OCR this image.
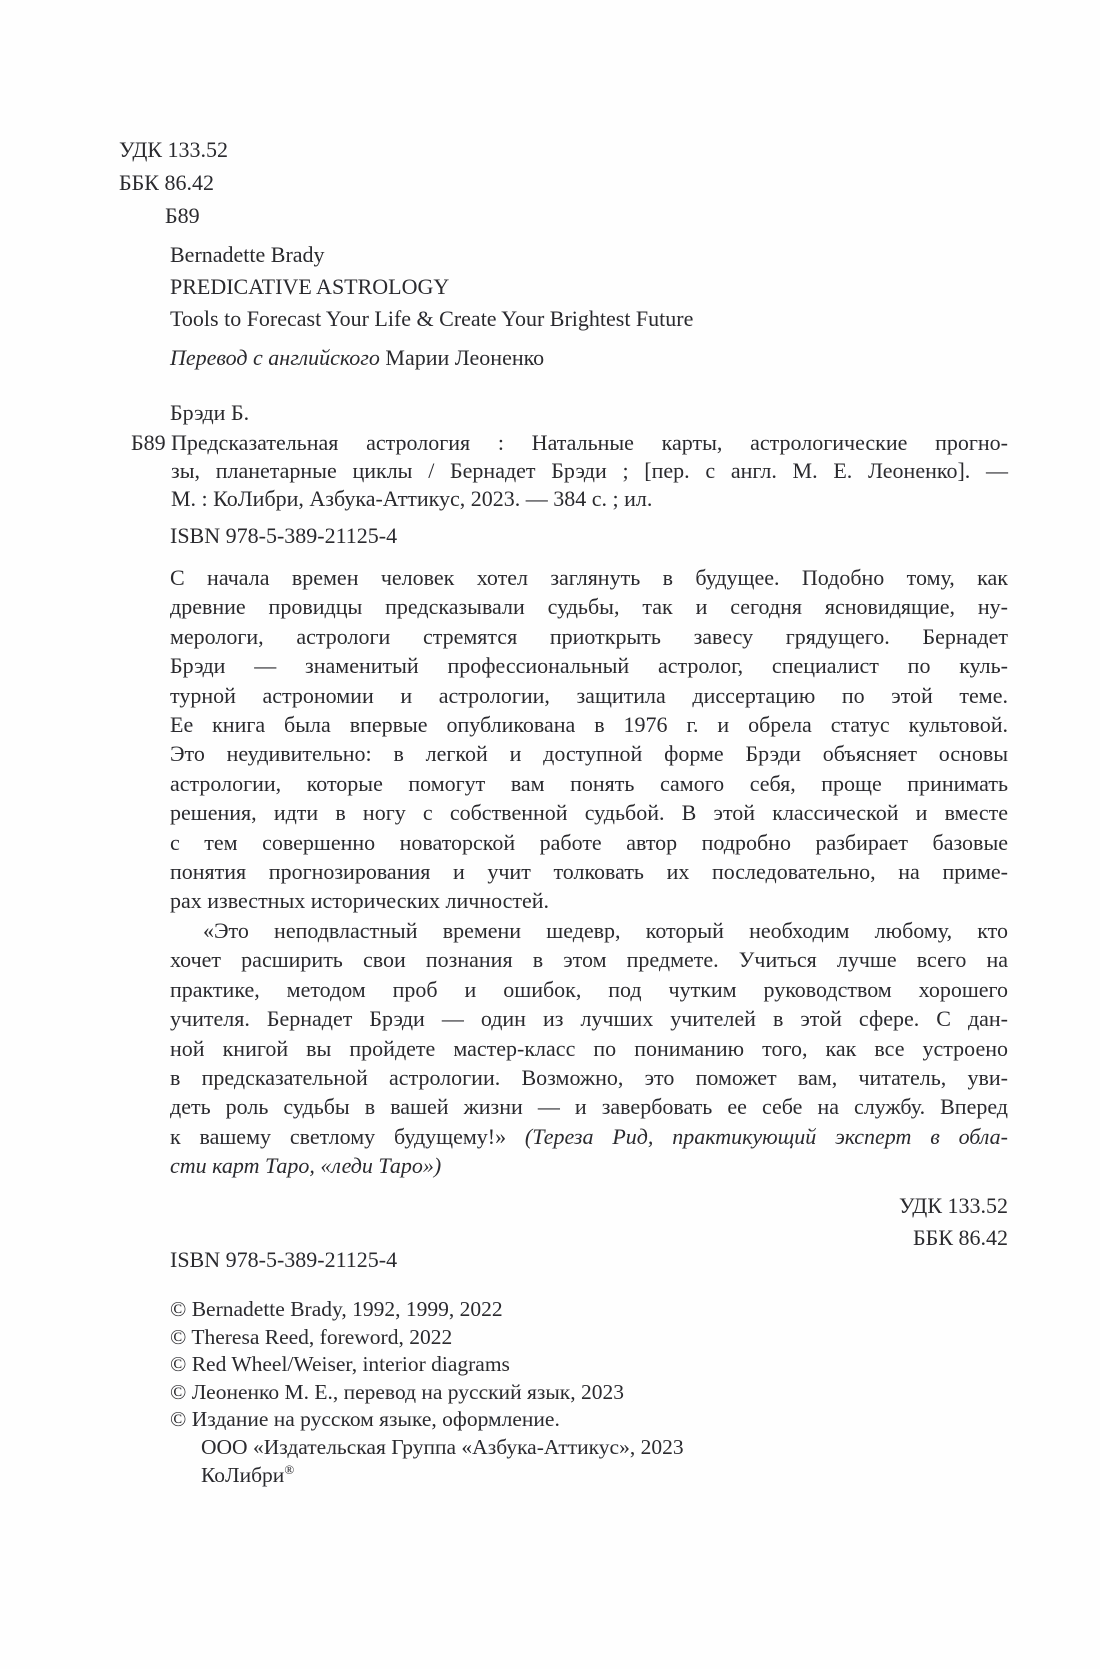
УДК 133.52
ББК 86.42
Б89
Bernadette Brady
PREDICATIVE ASTROLOGY
Tools to Forecast Your Life & Create Your Brightest Future
Перевод с английского Марии Леоненко
Брэди Б.
Б89 Предсказательная астрология : Натальные карты, астрологические прогно-
зы, планетарные циклы / Бернадет Брэди ; [пер. с англ. М. Е. Леоненко]. —
М. : КоЛибри, Азбука-Аттикус, 2023. — 384 с. ; ил.
ISBN 978-5-389-21125-4
С начала времен человек хотел заглянуть в будущее. Подобно тому, как
древние провидцы предсказывали судьбы, так и сегодня ясновидящие, ну-
мерологи, астрологи стремятся приоткрыть завесу грядущего. Бернадет
Брэди — знаменитый профессиональный астролог, специалист по куль-
турной астрономии и астрологии, защитила диссертацию по этой теме.
Ее книга была впервые опубликована в 1976 г. и обрела статус культовой.
Это неудивительно: в легкой и доступной форме Брэди объясняет основы
астрологии, которые помогут вам понять самого себя, проще принимать
решения, идти в ногу с собственной судьбой. В этой классической и вместе
с тем совершенно новаторской работе автор подробно разбирает базовые
понятия прогнозирования и учит толковать их последовательно, на приме-
рах известных исторических личностей.
«Это неподвластный времени шедевр, который необходим любому, кто
хочет расширить свои познания в этом предмете. Учиться лучше всего на
практике, методом проб и ошибок, под чутким руководством хорошего
учителя. Бернадет Брэди — один из лучших учителей в этой сфере. С дан-
ной книгой вы пройдете мастер-класс по пониманию того, как все устроено
в предсказательной астрологии. Возможно, это поможет вам, читатель, уви-
деть роль судьбы в вашей жизни — и завербовать ее себе на службу. Вперед
к вашему светлому будущему!» (Тереза Рид, практикующий эксперт в обла-
сти карт Таро, «леди Таро»)
УДК 133.52
ББК 86.42
ISBN 978-5-389-21125-4
© Bernadette Brady, 1992, 1999, 2022
© Theresa Reed, foreword, 2022
© Red Wheel/Weiser, interior diagrams
© Леоненко М. Е., перевод на русский язык, 2023
© Издание на русском языке, оформление.
ООО «Издательская Группа «Азбука-Аттикус», 2023
КоЛибри®
